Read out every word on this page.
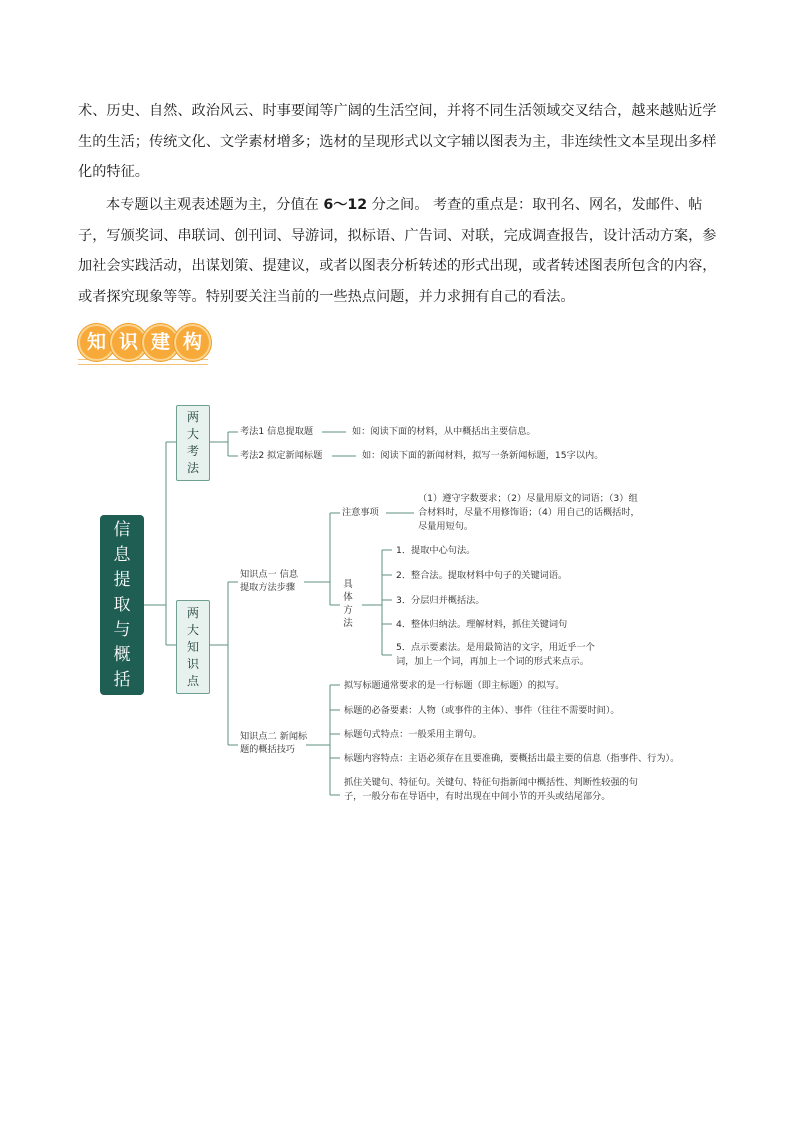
术、历史、自然、政治风云、时事要闻等广阔的生活空间，并将不同生活领域交叉结合，越来越贴近学生的生活；传统文化、文学素材增多；选材的呈现形式以文字辅以图表为主，非连续性文本呈现出多样化的特征。

本专题以主观表述题为主，分值在 6～12 分之间。 考查的重点是：取刊名、网名，发邮件、帖子，写颁奖词、串联词、创刊词、导游词，拟标语、广告词、对联，完成调查报告，设计活动方案，参加社会实践活动，出谋划策、提建议，或者以图表分析转述的形式出现，或者转述图表所包含的内容，或者探究现象等等。特别要关注当前的一些热点问题，并力求拥有自己的看法。

知 识 建 构
信息提取与概括
两大考法
两大知识点
考法1 信息提取题	如：阅读下面的材料，从中概括出主要信息。
考法2 拟定新闻标题	如：阅读下面的新闻材料，拟写一条新闻标题，15字以内。
知识点一 信息提取方法步骤
注意事项
（1）遵守字数要求；（2）尽量用原文的词语；（3）组合材料时，尽量不用修饰语；（4）用自己的话概括时，尽量用短句。
具体方法
1．提取中心句法。
2．整合法。提取材料中句子的关键词语。
3．分层归并概括法。
4．整体归纳法。理解材料，抓住关键词句
5．点示要素法。是用最简洁的文字，用近乎一个词，加上一个词，再加上一个词的形式来点示。
知识点二 新闻标题的概括技巧
拟写标题通常要求的是一行标题（即主标题）的拟写。
标题的必备要素：人物（或事件的主体）、事件（往往不需要时间）。
标题句式特点：一般采用主谓句。
标题内容特点：主语必须存在且要准确，要概括出最主要的信息（指事件、行为）。
抓住关键句、特征句。关键句、特征句指新闻中概括性、判断性较强的句子，一般分布在导语中，有时出现在中间小节的开头或结尾部分。
